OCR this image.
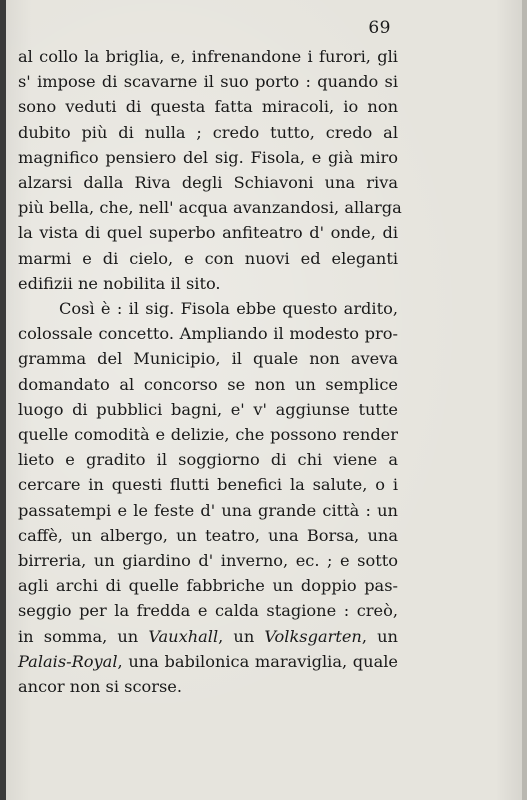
69
al collo la briglia, e, infrenandone i furori, gli
s' impose di scavarne il suo porto : quando si
sono veduti di questa fatta miracoli, io non
dubito più di nulla ; credo tutto, credo al
magnifico pensiero del sig. Fisola, e già miro
alzarsi dalla Riva degli Schiavoni una riva
più bella, che, nell' acqua avanzandosi, allarga
la vista di quel superbo anfiteatro d' onde, di
marmi e di cielo, e con nuovi ed eleganti
edifizii ne nobilita il sito.
Così è : il sig. Fisola ebbe questo ardito,
colossale concetto. Ampliando il modesto pro-
gramma del Municipio, il quale non aveva
domandato al concorso se non un semplice
luogo di pubblici bagni, e' v' aggiunse tutte
quelle comodità e delizie, che possono render
lieto e gradito il soggiorno di chi viene a
cercare in questi flutti benefici la salute, o i
passatempi e le feste d' una grande città : un
caffè, un albergo, un teatro, una Borsa, una
birreria, un giardino d' inverno, ec. ; e sotto
agli archi di quelle fabbriche un doppio pas-
seggio per la fredda e calda stagione : creò,
in somma, un Vauxhall, un Volksgarten, un
Palais-Royal, una babilonica maraviglia, quale
ancor non si scorse.
